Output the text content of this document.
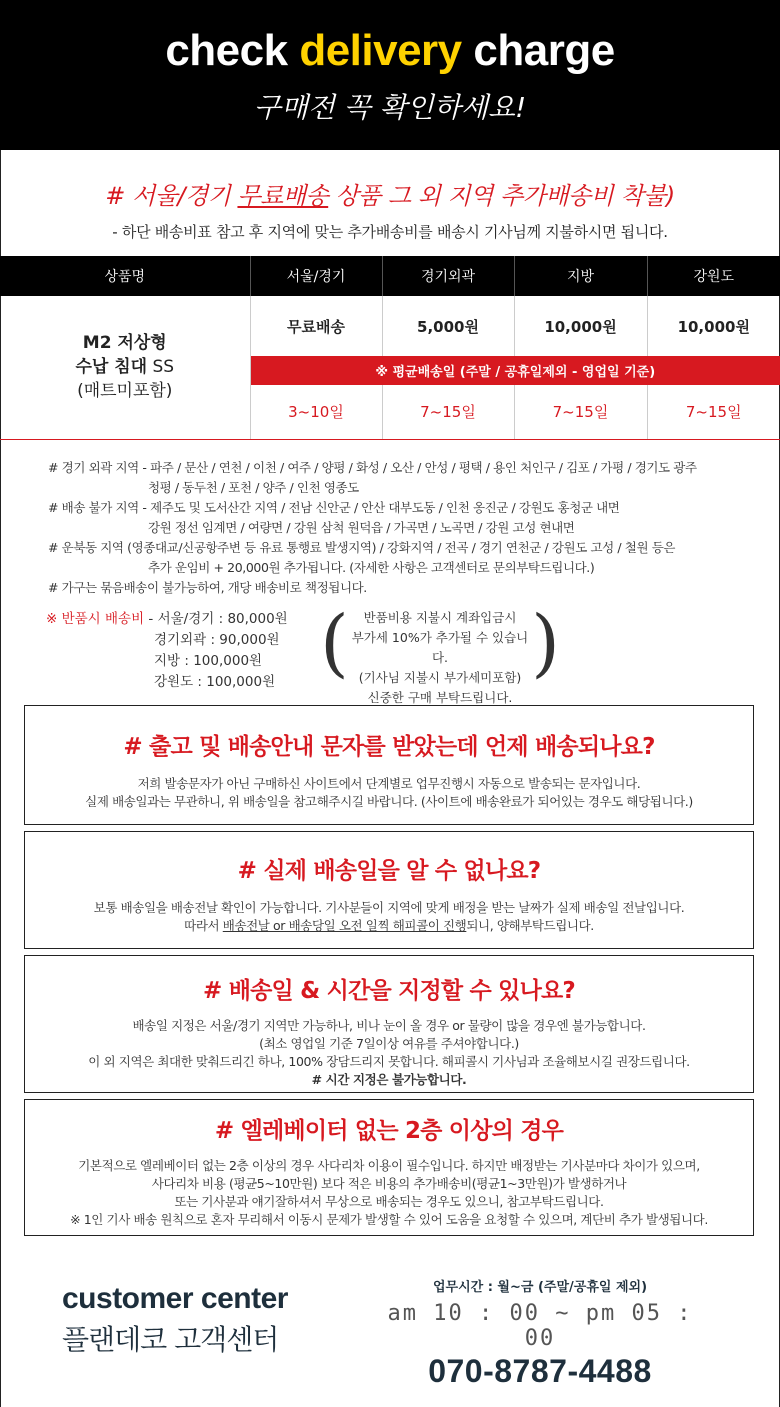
check delivery charge
구매전 꼭 확인하세요!
# 서울/경기 무료배송 상품 그 외 지역 추가배송비 착불)
- 하단 배송비표 참고 후 지역에 맞는 추가배송비를 배송시 기사님께 지불하시면 됩니다.
상품명	서울/경기	경기외곽	지방	강원도

M2 저상형
수납 침대 SS
(매트미포함)	무료배송	5,000원	10,000원	10,000원
	※ 평균배송일 (주말 / 공휴일제외 - 영업일 기준)			
	3~10일	7~15일	7~15일	7~15일
# 경기 외곽 지역 - 파주 / 문산 / 연천 / 이천 / 여주 / 양평 / 화성 / 오산 / 안성 / 평택 / 용인 처인구 / 김포 / 가평 / 경기도 광주
청평 / 동두천 / 포천 / 양주 / 인천 영종도
# 배송 불가 지역 - 제주도 및 도서산간 지역 / 전남 신안군 / 안산 대부도동 / 인천 옹진군 / 강원도 홍청군 내면
강원 정선 임계면 / 여량면 / 강원 삼척 원덕읍 / 가곡면 / 노곡면 / 강원 고성 현내면
# 운북동 지역 (영종대교/신공항주변 등 유료 통행료 발생지역) / 강화지역 / 전곡 / 경기 연천군 / 강원도 고성 / 철원 등은
추가 운임비 + 20,000원 추가됩니다. (자세한 사항은 고객센터로 문의부탁드립니다.)
# 가구는 묶음배송이 불가능하여, 개당 배송비로 책정됩니다.
※ 반품시 배송비 - 서울/경기 : 80,000원
경기외곽 : 90,000원
지방 : 100,000원
강원도 : 100,000원 (	반품비용 지불시 계좌입금시
부가세 10%가 추가될 수 있습니다.
(기사님 지불시 부가세미포함)
신중한 구매 부탁드립니다.
)
# 출고 및 배송안내 문자를 받았는데 언제 배송되나요?
저희 발송문자가 아닌 구매하신 사이트에서 단계별로 업무진행시 자동으로 발송되는 문자입니다.
실제 배송일과는 무관하니, 위 배송일을 참고해주시길 바랍니다. (사이트에 배송완료가 되어있는 경우도 해당됩니다.)
# 실제 배송일을 알 수 없나요?
보통 배송일을 배송전날 확인이 가능합니다. 기사분들이 지역에 맞게 배정을 받는 날짜가 실제 배송일 전날입니다.
따라서 배송전날 or 배송당일 오전 일찍 해피콜이 진행되니, 양해부탁드립니다.
# 배송일 & 시간을 지정할 수 있나요?
배송일 지정은 서울/경기 지역만 가능하나, 비나 눈이 올 경우 or 물량이 많을 경우엔 불가능합니다.
(최소 영업일 기준 7일이상 여유를 주셔야합니다.)
이 외 지역은 최대한 맞춰드리긴 하나, 100% 장담드리지 못합니다. 해피콜시 기사님과 조율해보시길 권장드립니다.
# 시간 지정은 불가능합니다.
# 엘레베이터 없는 2층 이상의 경우
기본적으로 엘레베이터 없는 2층 이상의 경우 사다리차 이용이 필수입니다. 하지만 배정받는 기사분마다 차이가 있으며,
사다리차 비용 (평균5~10만원) 보다 적은 비용의 추가배송비(평균1~3만원)가 발생하거나
또는 기사분과 얘기잘하셔서 무상으로 배송되는 경우도 있으니, 참고부탁드립니다.
※ 1인 기사 배송 원칙으로 혼자 무리해서 이동시 문제가 발생할 수 있어 도움을 요청할 수 있으며, 계단비 추가 발생됩니다.
customer center
플랜데코 고객센터
업무시간 : 월~금 (주말/공휴일 제외)
am 10 : 00 ~ pm 05 : 00
070-8787-4488
